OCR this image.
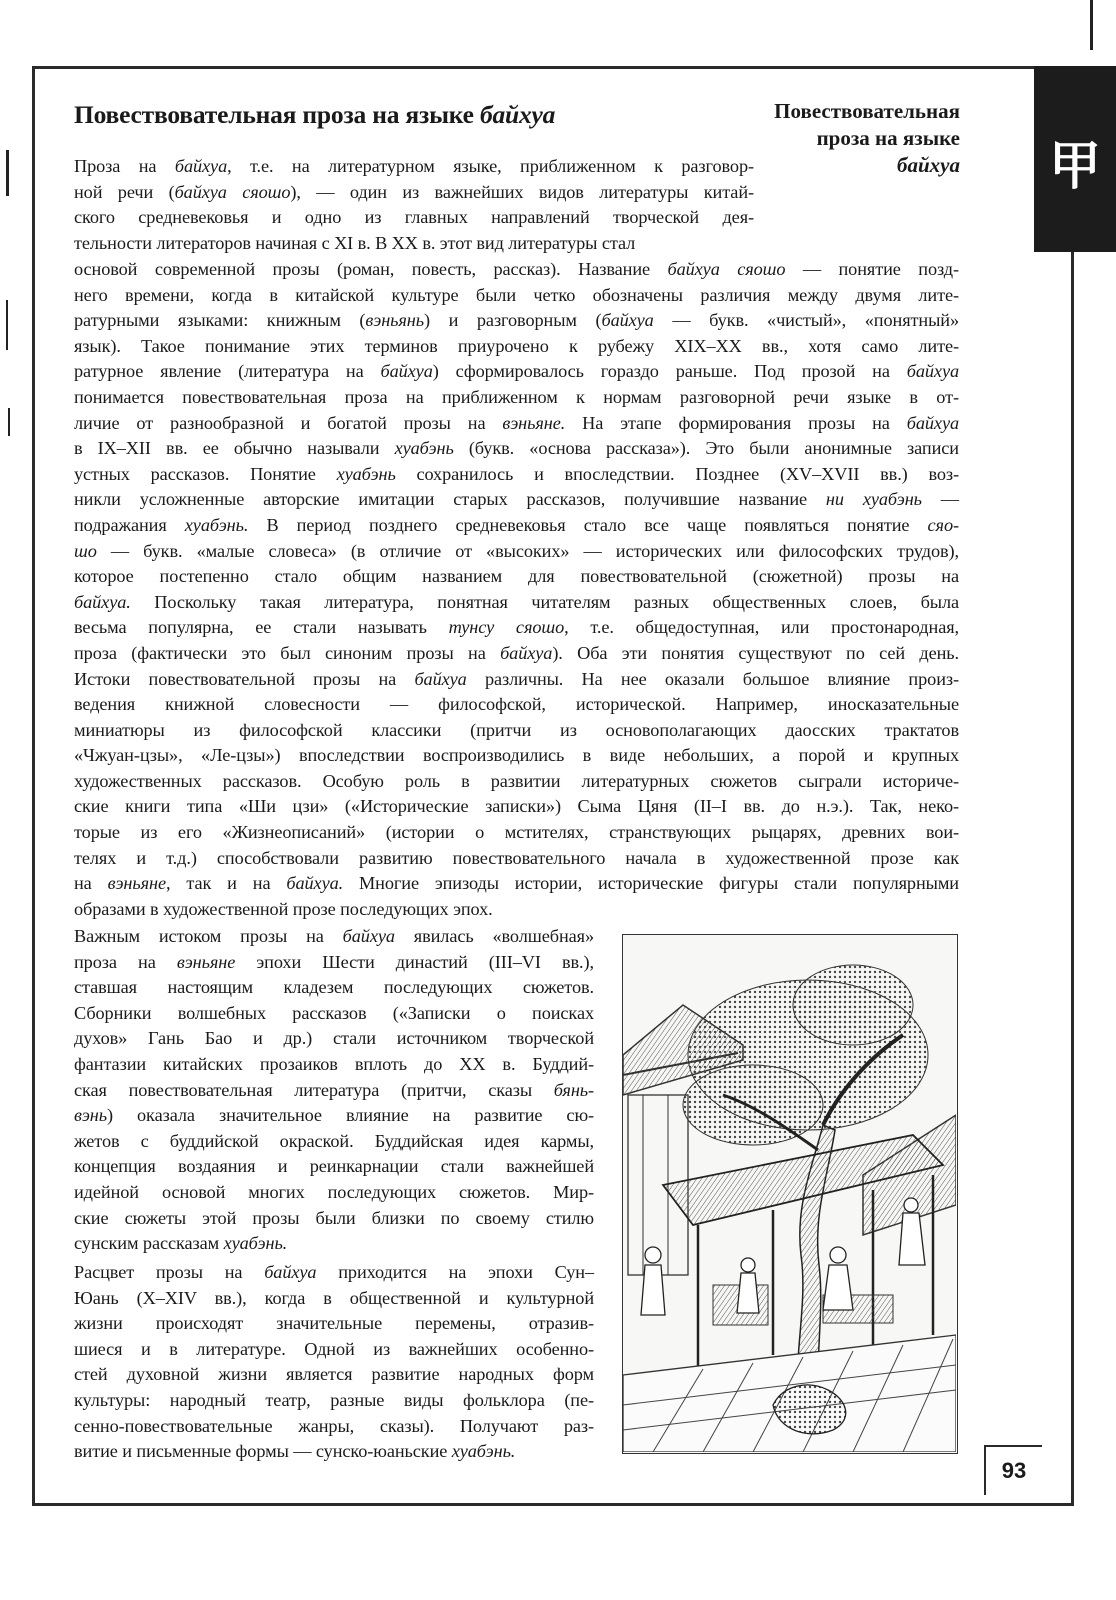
甲
Повествовательная проза на языке байхуа	Повествовательная
проза на языке
байхуа
Проза на байхуа, т.е. на литературном языке, приближенном к разговор-
ной речи (байхуа сяошо), — один из важнейших видов литературы китай-
ского средневековья и одно из главных направлений творческой дея-
тельности литераторов начиная с XI в. В XX в. этот вид литературы стал
основой современной прозы (роман, повесть, рассказ). Название байхуа сяошо — понятие позд-
него времени, когда в китайской культуре были четко обозначены различия между двумя лите-
ратурными языками: книжным (вэньянь) и разговорным (байхуа — букв. «чистый», «понятный»
язык). Такое понимание этих терминов приурочено к рубежу XIX–XX вв., хотя само лите-
ратурное явление (литература на байхуа) сформировалось гораздо раньше. Под прозой на байхуа
понимается повествовательная проза на приближенном к нормам разговорной речи языке в от-
личие от разнообразной и богатой прозы на вэньяне. На этапе формирования прозы на байхуа
в IX–XII вв. ее обычно называли хуабэнь (букв. «основа рассказа»). Это были анонимные записи
устных рассказов. Понятие хуабэнь сохранилось и впоследствии. Позднее (XV–XVII вв.) воз-
никли усложненные авторские имитации старых рассказов, получившие название ни хуабэнь —
подражания хуабэнь. В период позднего средневековья стало все чаще появляться понятие сяо-
шо — букв. «малые словеса» (в отличие от «высоких» — исторических или философских трудов),
которое постепенно стало общим названием для повествовательной (сюжетной) прозы на
байхуа. Поскольку такая литература, понятная читателям разных общественных слоев, была
весьма популярна, ее стали называть тунсу сяошо, т.е. общедоступная, или простонародная,
проза (фактически это был синоним прозы на байхуа). Оба эти понятия существуют по сей день.
Истоки повествовательной прозы на байхуа различны. На нее оказали большое влияние произ-
ведения книжной словесности — философской, исторической. Например, иносказательные
миниатюры из философской классики (притчи из основополагающих даосских трактатов
«Чжуан-цзы», «Ле-цзы») впоследствии воспроизводились в виде небольших, а порой и крупных
художественных рассказов. Особую роль в развитии литературных сюжетов сыграли историче-
ские книги типа «Ши цзи» («Исторические записки») Сыма Цяня (II–I вв. до н.э.). Так, неко-
торые из его «Жизнеописаний» (истории о мстителях, странствующих рыцарях, древних вои-
телях и т.д.) способствовали развитию повествовательного начала в художественной прозе как
на вэньяне, так и на байхуа. Многие эпизоды истории, исторические фигуры стали популярными
образами в художественной прозе последующих эпох.
Важным истоком прозы на байхуа явилась «волшебная»
проза на вэньяне эпохи Шести династий (III–VI вв.),
ставшая настоящим кладезем последующих сюжетов.
Сборники волшебных рассказов («Записки о поисках
духов» Гань Бао и др.) стали источником творческой
фантазии китайских прозаиков вплоть до XX в. Буддий-
ская повествовательная литература (притчи, сказы бянь-
вэнь) оказала значительное влияние на развитие сю-
жетов с буддийской окраской. Буддийская идея кармы,
концепция воздаяния и реинкарнации стали важнейшей
идейной основой многих последующих сюжетов. Мир-
ские сюжеты этой прозы были близки по своему стилю
сунским рассказам хуабэнь.
Расцвет прозы на байхуа приходится на эпохи Сун–
Юань (X–XIV вв.), когда в общественной и культурной
жизни происходят значительные перемены, отразив-
шиеся и в литературе. Одной из важнейших особенно-
стей духовной жизни является развитие народных форм
культуры: народный театр, разные виды фольклора (пе-
сенно-повествовательные жанры, сказы). Получают раз-
витие и письменные формы — сунско-юаньские хуабэнь.
93
